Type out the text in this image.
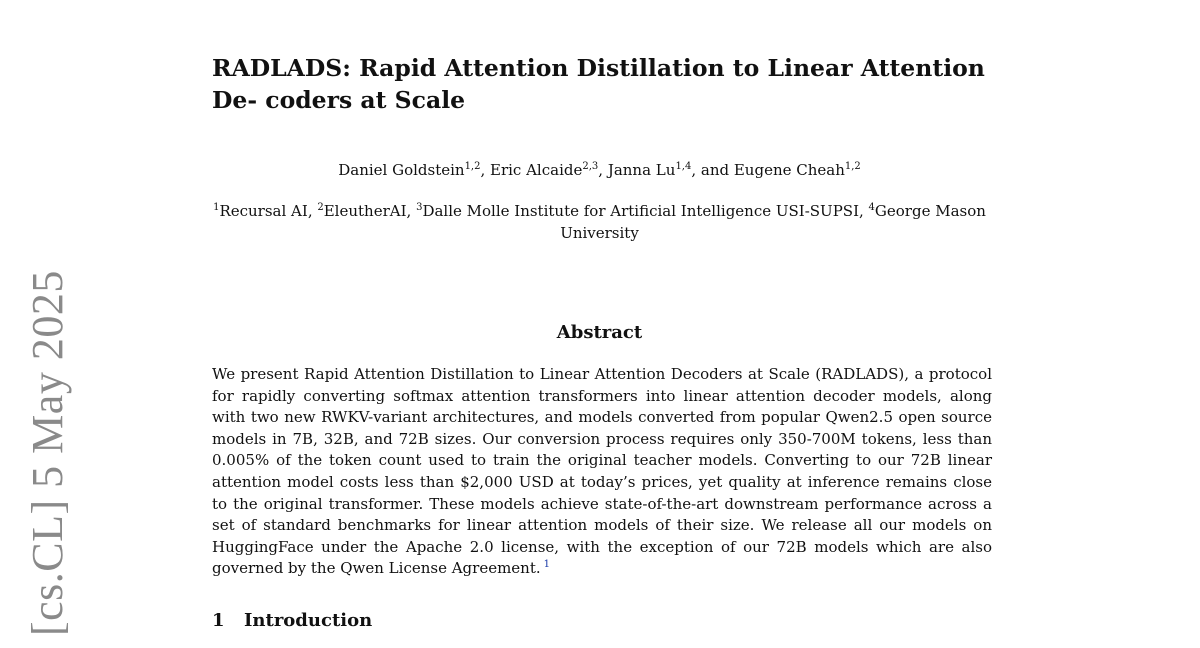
[cs.CL] 5 May 2025
RADLADS: Rapid Attention Distillation to Linear Attention De- coders at Scale
Daniel Goldstein$^{1,2}$, Eric Alcaide$^{2,3}$, Janna Lu$^{1,4}$, and Eugene Cheah$^{1,2}$
$^1$Recursal AI, $^2$EleutherAI, $^3$Dalle Molle Institute for Artificial Intelligence USI-SUPSI, $^4$George Mason University
Abstract

We present Rapid Attention Distillation to Linear Attention Decoders at Scale (RADLADS), a protocol for rapidly converting softmax attention transformers into linear attention decoder models, along with two new RWKV-variant architectures, and models converted from popular Qwen2.5 open source models in 7B, 32B, and 72B sizes. Our conversion process requires only 350-700M tokens, less than 0.005% of the token count used to train the original teacher models. Converting to our 72B linear attention model costs less than $2,000 USD at today’s prices, yet quality at inference remains close to the original transformer. These models achieve state-of-the-art downstream performance across a set of standard benchmarks for linear attention models of their size. We release all our models on HuggingFace under the Apache 2.0 license, with the exception of our 72B models which are also governed by the Qwen License Agreement. $^1$

1 Introduction
